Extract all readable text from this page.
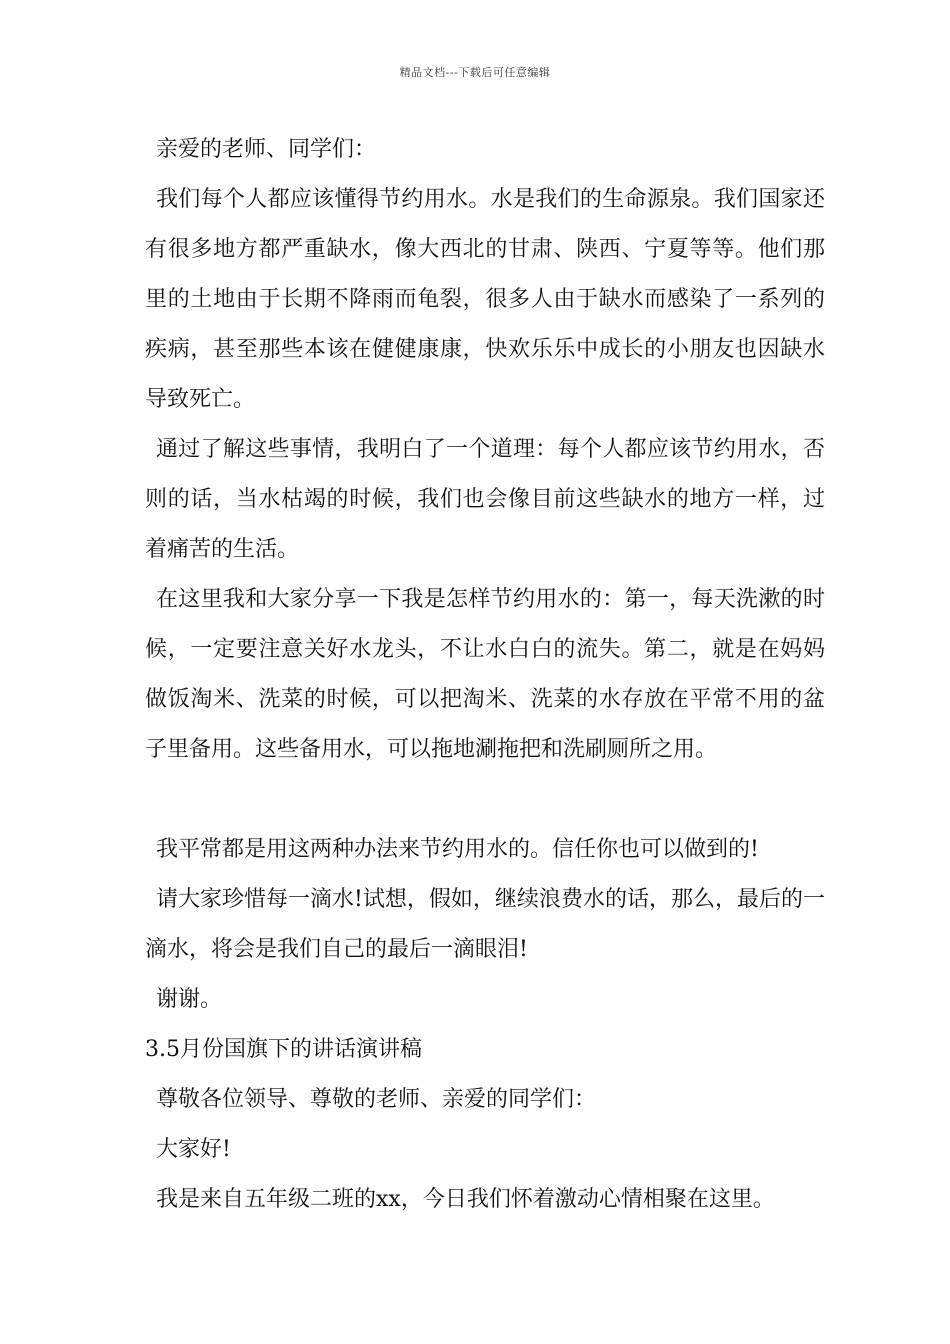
精品文档---下载后可任意编辑

亲爱的老师、同学们：

我们每个人都应该懂得节约用水。水是我们的生命源泉。我们国家还有很多地方都严重缺水，像大西北的甘肃、陕西、宁夏等等。他们那里的土地由于长期不降雨而龟裂，很多人由于缺水而感染了一系列的疾病，甚至那些本该在健健康康，快欢乐乐中成长的小朋友也因缺水导致死亡。

通过了解这些事情，我明白了一个道理：每个人都应该节约用水，否则的话，当水枯竭的时候，我们也会像目前这些缺水的地方一样，过着痛苦的生活。

在这里我和大家分享一下我是怎样节约用水的：第一，每天洗漱的时候，一定要注意关好水龙头，不让水白白的流失。第二，就是在妈妈做饭淘米、洗菜的时候，可以把淘米、洗菜的水存放在平常不用的盆子里备用。这些备用水，可以拖地涮拖把和洗刷厕所之用。

我平常都是用这两种办法来节约用水的。信任你也可以做到的!

请大家珍惜每一滴水!试想，假如，继续浪费水的话，那么，最后的一滴水，将会是我们自己的最后一滴眼泪!

谢谢。

3.5月份国旗下的讲话演讲稿

尊敬各位领导、尊敬的老师、亲爱的同学们：

大家好!

我是来自五年级二班的xx，今日我们怀着激动心情相聚在这里。
